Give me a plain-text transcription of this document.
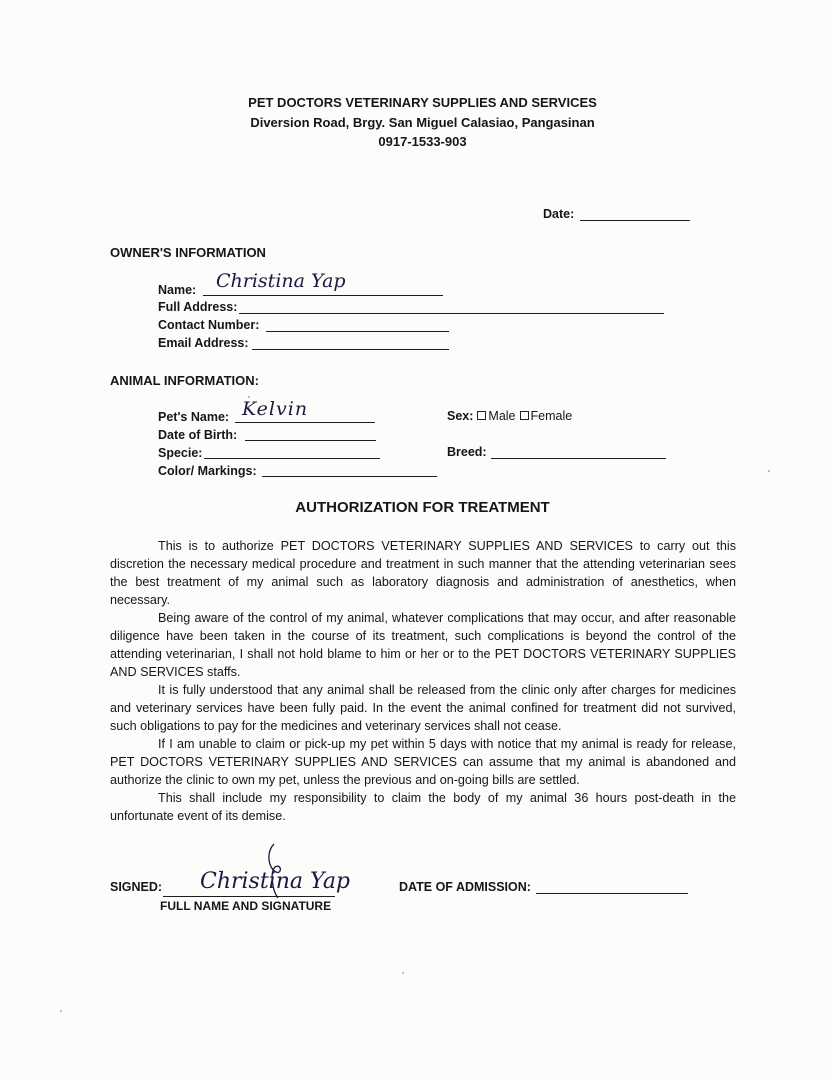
PET DOCTORS VETERINARY SUPPLIES AND SERVICES
Diversion Road, Brgy. San Miguel Calasiao, Pangasinan
0917-1533-903
Date:
OWNER'S INFORMATION
Name: Christina Yap
Full Address:
Contact Number:
Email Address:
ANIMAL INFORMATION:
Pet's Name: Kelvin	Sex: Male Female
Date of Birth:
Specie:	Breed:
Color/ Markings:
AUTHORIZATION FOR TREATMENT

This is to authorize PET DOCTORS VETERINARY SUPPLIES AND SERVICES to carry out this discretion the necessary medical procedure and treatment in such manner that the attending veterinarian sees the best treatment of my animal such as laboratory diagnosis and administration of anesthetics, when necessary.

Being aware of the control of my animal, whatever complications that may occur, and after reasonable diligence have been taken in the course of its treatment, such complications is beyond the control of the attending veterinarian, I shall not hold blame to him or her or to the PET DOCTORS VETERINARY SUPPLIES AND SERVICES staffs.

It is fully understood that any animal shall be released from the clinic only after charges for medicines and veterinary services have been fully paid. In the event the animal confined for treatment did not survived, such obligations to pay for the medicines and veterinary services shall not cease.

If I am unable to claim or pick-up my pet within 5 days with notice that my animal is ready for release, PET DOCTORS VETERINARY SUPPLIES AND SERVICES can assume that my animal is abandoned and authorize the clinic to own my pet, unless the previous and on-going bills are settled.

This shall include my responsibility to claim the body of my animal 36 hours post-death in the unfortunate event of its demise.

SIGNED: Christina Yap
FULL NAME AND SIGNATURE
DATE OF ADMISSION:
